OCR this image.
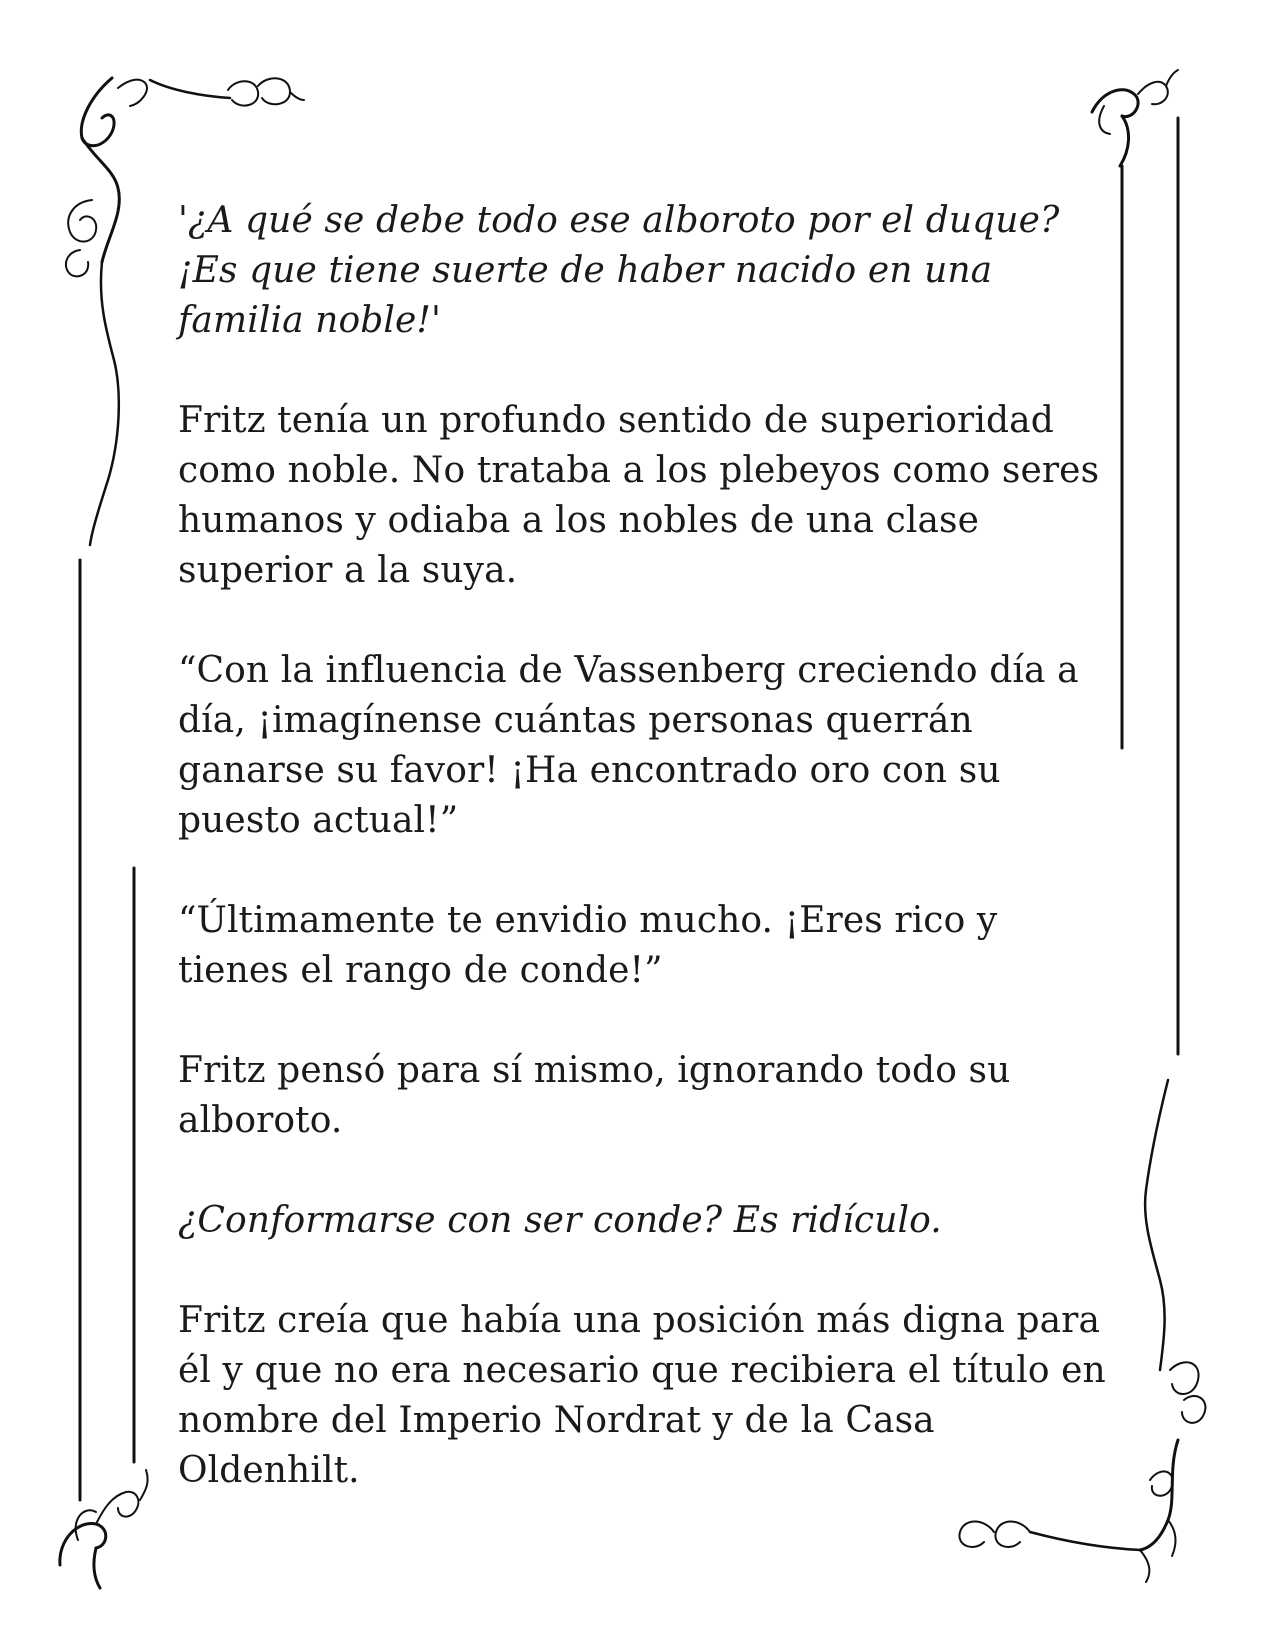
'¿A qué se debe todo ese alboroto por el duque? ¡Es que tiene suerte de haber nacido en una familia noble!'

Fritz tenía un profundo sentido de superioridad como noble. No trataba a los plebeyos como seres humanos y odiaba a los nobles de una clase superior a la suya.

“Con la influencia de Vassenberg creciendo día a día, ¡imagínense cuántas personas querrán ganarse su favor! ¡Ha encontrado oro con su puesto actual!”

“Últimamente te envidio mucho. ¡Eres rico y tienes el rango de conde!”

Fritz pensó para sí mismo, ignorando todo su alboroto.

¿Conformarse con ser conde? Es ridículo.

Fritz creía que había una posición más digna para él y que no era necesario que recibiera el título en nombre del Imperio Nordrat y de la Casa Oldenhilt.
